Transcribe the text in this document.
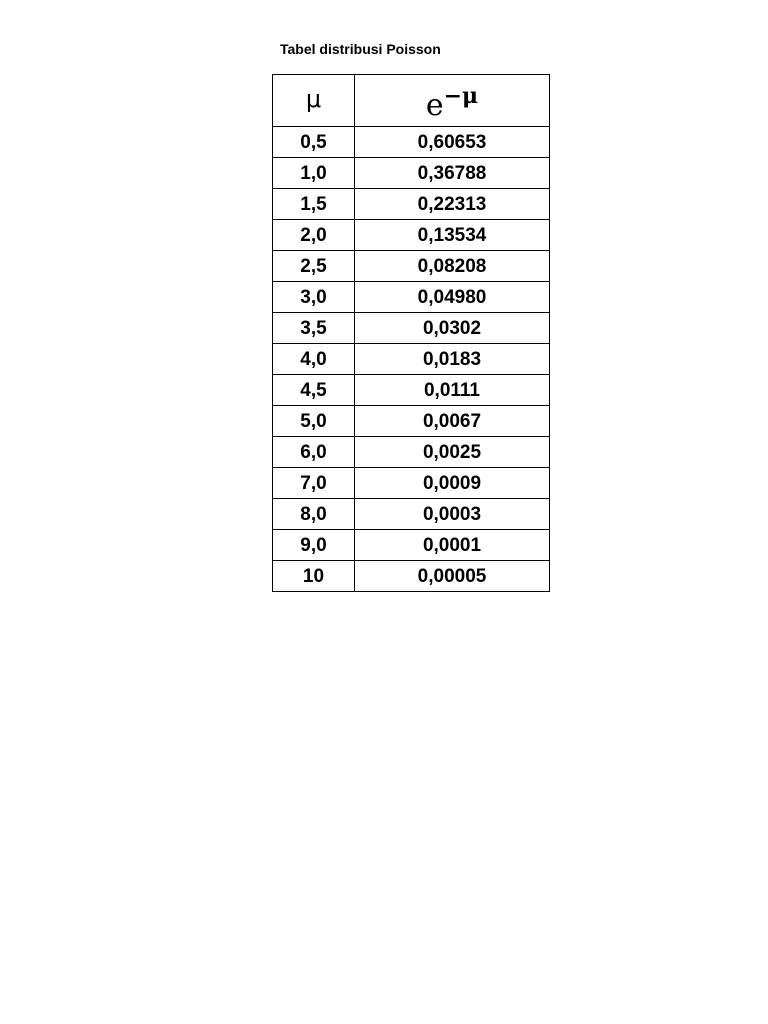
Tabel distribusi Poisson
μ	$e^{-\mu}$
0,5	0,60653
1,0	0,36788
1,5	0,22313
2,0	0,13534
2,5	0,08208
3,0	0,04980
3,5	0,0302
4,0	0,0183
4,5	0,0111
5,0	0,0067
6,0	0,0025
7,0	0,0009
8,0	0,0003
9,0	0,0001
10	0,00005
